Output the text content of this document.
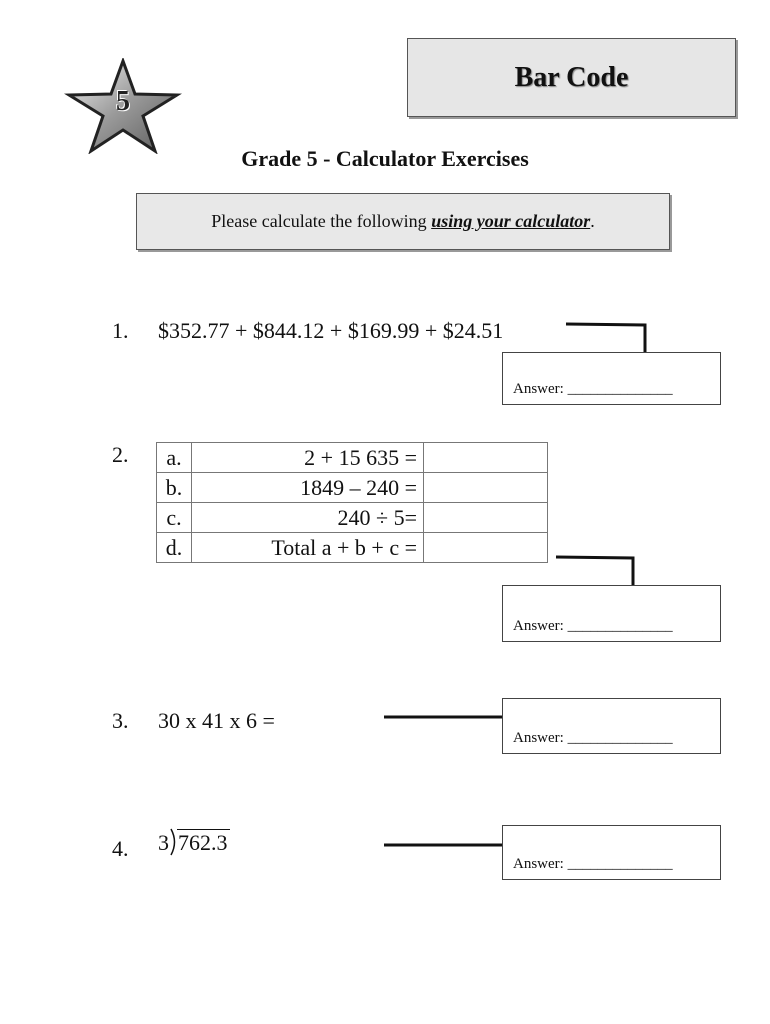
Bar Code
5
Grade 5 - Calculator Exercises
Please calculate the following using your calculator .
1. $352.77 + $844.12 + $169.99 + $24.51
Answer: ______________
2. a.	2 + 15 635 =	
b.	1849 – 240 =	
c.	240 ÷ 5=	
d.	Total a + b + c =	
Answer: ______________
3. 30 x 41 x 6 =
Answer: ______________
4. 3 762.3
Answer: ______________
